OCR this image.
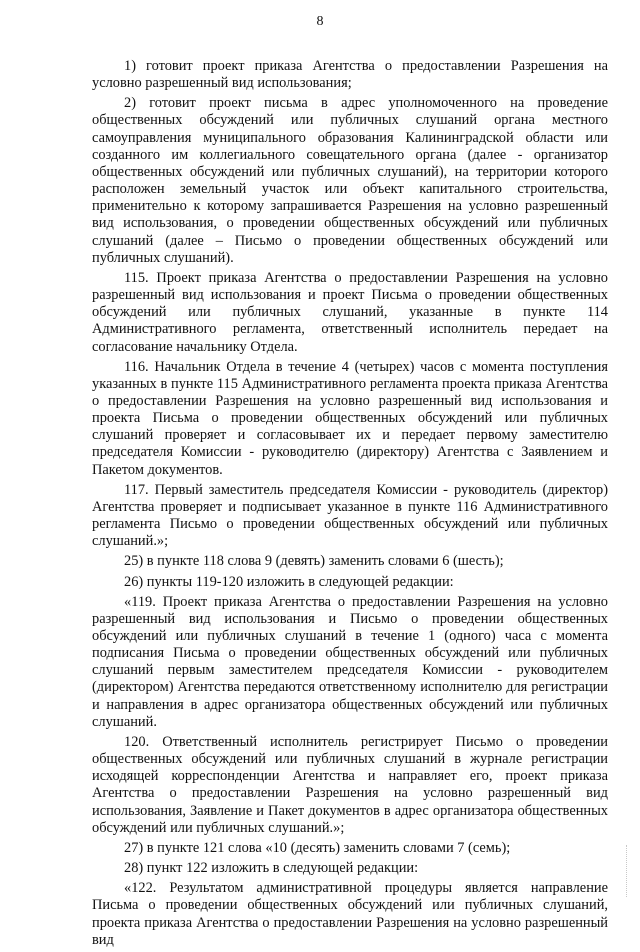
8

1) готовит проект приказа Агентства о предоставлении Разрешения на условно разрешенный вид использования;

2) готовит проект письма в адрес уполномоченного на проведение общественных обсуждений или публичных слушаний органа местного самоуправления муниципального образования Калининградской области или созданного им коллегиального совещательного органа (далее - организатор общественных обсуждений или публичных слушаний), на территории которого расположен земельный участок или объект капитального строительства, применительно к которому запрашивается Разрешения на условно разрешенный вид использования, о проведении общественных обсуждений или публичных слушаний (далее – Письмо о проведении общественных обсуждений или публичных слушаний).

115. Проект приказа Агентства о предоставлении Разрешения на условно разрешенный вид использования и проект Письма о проведении общественных обсуждений или публичных слушаний, указанные в пункте 114 Административного регламента, ответственный исполнитель передает на согласование начальнику Отдела.

116. Начальник Отдела в течение 4 (четырех) часов с момента поступления указанных в пункте 115 Административного регламента проекта приказа Агентства о предоставлении Разрешения на условно разрешенный вид использования и проекта Письма о проведении общественных обсуждений или публичных слушаний проверяет и согласовывает их и передает первому заместителю председателя Комиссии - руководителю (директору) Агентства с Заявлением и Пакетом документов.

117. Первый заместитель председателя Комиссии - руководитель (директор) Агентства проверяет и подписывает указанное в пункте 116 Административного регламента Письмо о проведении общественных обсуждений или публичных слушаний.»;

25) в пункте 118 слова 9 (девять) заменить словами 6 (шесть);

26) пункты 119-120 изложить в следующей редакции:

«119. Проект приказа Агентства о предоставлении Разрешения на условно разрешенный вид использования и Письмо о проведении общественных обсуждений или публичных слушаний в течение 1 (одного) часа с момента подписания Письма о проведении общественных обсуждений или публичных слушаний первым заместителем председателя Комиссии - руководителем (директором) Агентства передаются ответственному исполнителю для регистрации и направления в адрес организатора общественных обсуждений или публичных слушаний.

120. Ответственный исполнитель регистрирует Письмо о проведении общественных обсуждений или публичных слушаний в журнале регистрации исходящей корреспонденции Агентства и направляет его, проект приказа Агентства о предоставлении Разрешения на условно разрешенный вид использования, Заявление и Пакет документов в адрес организатора общественных обсуждений или публичных слушаний.»;

27) в пункте 121 слова «10 (десять) заменить словами 7 (семь);

28) пункт 122 изложить в следующей редакции:

«122. Результатом административной процедуры является направление Письма о проведении общественных обсуждений или публичных слушаний, проекта приказа Агентства о предоставлении Разрешения на условно разрешенный вид
